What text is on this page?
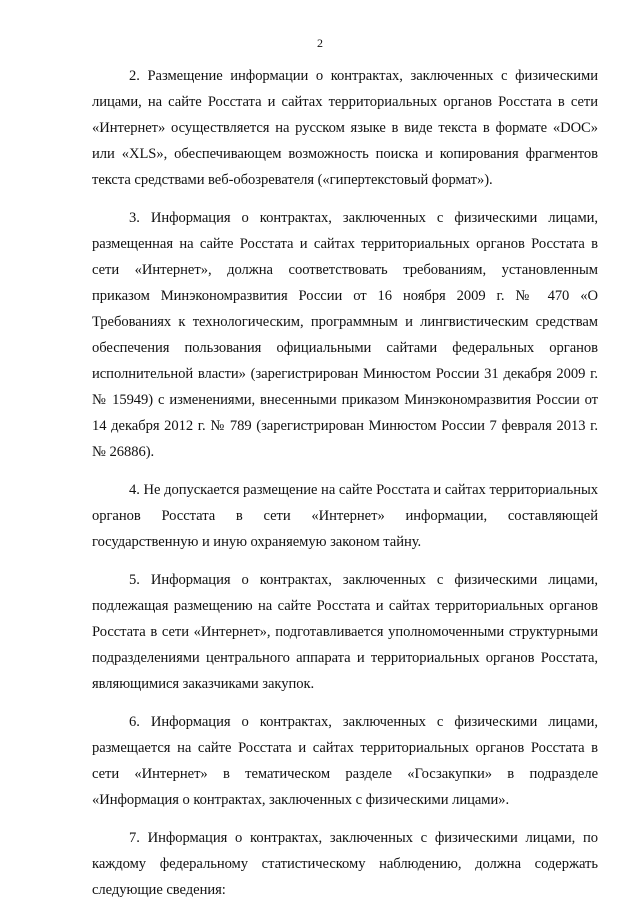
2

2. Размещение информации о контрактах, заключенных с физическими лицами, на сайте Росстата и сайтах территориальных органов Росстата в сети «Интернет» осуществляется на русском языке в виде текста в формате «DOC» или «XLS», обеспечивающем возможность поиска и копирования фрагментов текста средствами веб-обозревателя («гипертекстовый формат»).

3. Информация о контрактах, заключенных с физическими лицами, размещенная на сайте Росстата и сайтах территориальных органов Росстата в сети «Интернет», должна соответствовать требованиям, установленным приказом Минэкономразвития России от 16 ноября 2009 г. № 470 «О Требованиях к технологическим, программным и лингвистическим средствам обеспечения пользования официальными сайтами федеральных органов исполнительной власти» (зарегистрирован Минюстом России 31 декабря 2009 г. № 15949) с изменениями, внесенными приказом Минэкономразвития России от 14 декабря 2012 г. № 789 (зарегистрирован Минюстом России 7 февраля 2013 г. № 26886).

4. Не допускается размещение на сайте Росстата и сайтах территориальных органов Росстата в сети «Интернет» информации, составляющей государственную и иную охраняемую законом тайну.

5. Информация о контрактах, заключенных с физическими лицами, подлежащая размещению на сайте Росстата и сайтах территориальных органов Росстата в сети «Интернет», подготавливается уполномоченными структурными подразделениями центрального аппарата и территориальных органов Росстата, являющимися заказчиками закупок.

6. Информация о контрактах, заключенных с физическими лицами, размещается на сайте Росстата и сайтах территориальных органов Росстата в сети «Интернет» в тематическом разделе «Госзакупки» в подразделе «Информация о контрактах, заключенных с физическими лицами».

7. Информация о контрактах, заключенных с физическими лицами, по каждому федеральному статистическому наблюдению, должна содержать следующие сведения:
